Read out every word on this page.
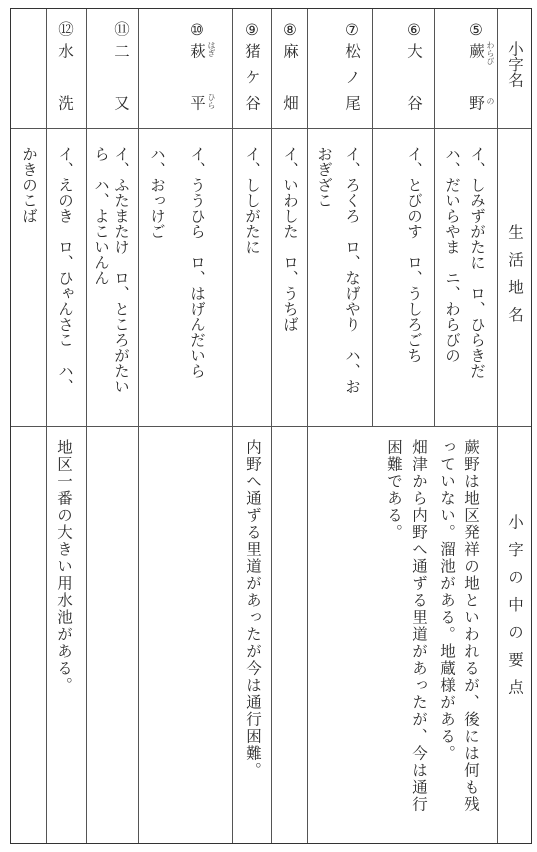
小字名
生活地名
小字の中の要点
⑤
蕨 わらび
野 の
イ、しみずがたに　ロ、ひらきだ
ハ、だいらやま　ニ、わらびの
⑥
大
谷
イ、とびのす　ロ、うしろごち
⑦
松
ノ
尾
イ、ろくろ　ロ、なげやり　ハ、お
おぎざこ
⑧
麻
畑
イ、いわした　ロ、うちば
⑨
猪
ケ
谷
イ、ししがたに
⑩
萩 はぎ
平 ひら
イ、ううひら　ロ、はげんだいら
ハ、おっけご
⑪
二
又
イ、ふたまたけ　ロ、ところがたい
ら　ハ、よこいんん
⑫
水
洗
イ、えのき　ロ、ひゃんさこ　ハ、
かきのこば
蕨野は地区発祥の地といわれるが、後には何も残
っていない。溜池がある。地蔵様がある。
畑津から内野へ通ずる里道があったが、今は通行
困難である。
内野へ通ずる里道があったが今は通行困難。
地区一番の大きい用水池がある。
